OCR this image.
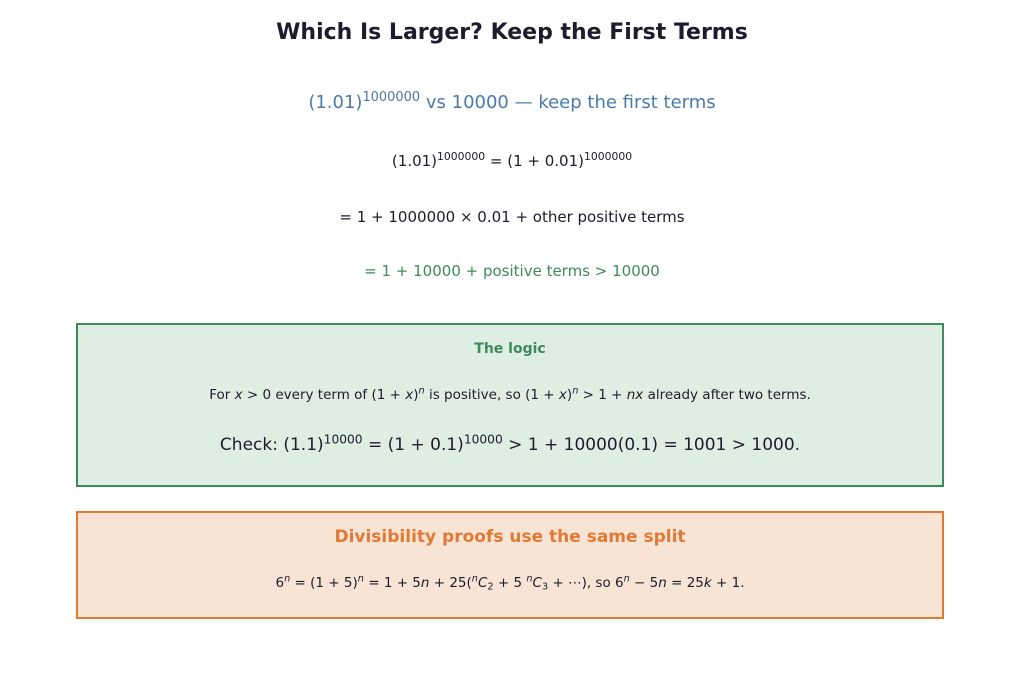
Which Is Larger? Keep the First Terms
$(1.01)^{1000000}$ vs 10000 — keep the first terms
$(1.01)^{1000000} = (1 + 0.01)^{1000000}$
= 1 + 1000000 × 0.01 + other positive terms
= 1 + 10000 + positive terms > 10000
The logic
For x > 0 every term of $(1 + x)^n$ is positive, so $(1 + x)^n > 1$ + nx already after two terms.
Check: $(1.1)^{10000} = (1 + 0.1)^{10000} > 1 + 10000(0.1) = 1001 > 1000$.
Divisibility proofs use the same split
$6^n = (1 + 5)^n = 1 + 5n + 25(^nC_2 + 5$ $^nC_3$ + ⋯), so $6^n - 5n = 25k + 1$.
